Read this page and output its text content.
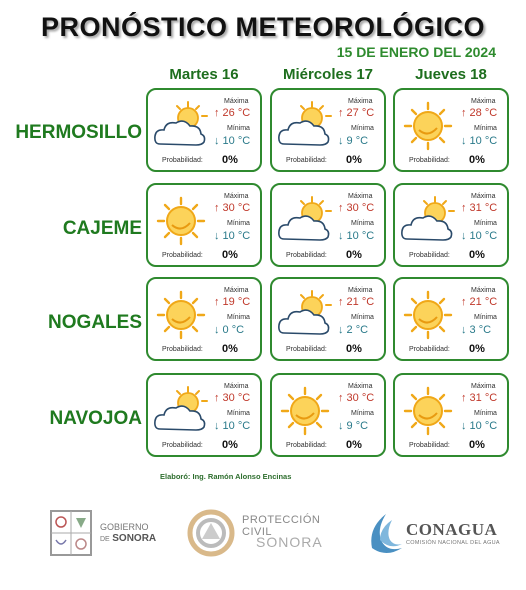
PRONÓSTICO METEOROLÓGICO
15 DE ENERO DEL 2024
Martes 16	Miércoles 17	Jueves 18
HERMOSILLO
Máxima
↑ 26 °C
Mínima
↓ 10 °C
Probabilidad: 0%
Máxima
↑ 27 °C
Mínima
↓ 9 °C
Probabilidad: 0%
Máxima
↑ 28 °C
Mínima
↓ 10 °C
Probabilidad: 0%
CAJEME
Máxima
↑ 30 °C
Mínima
↓ 10 °C
Probabilidad: 0%
Máxima
↑ 30 °C
Mínima
↓ 10 °C
Probabilidad: 0%
Máxima
↑ 31 °C
Mínima
↓ 10 °C
Probabilidad: 0%
NOGALES
Máxima
↑ 19 °C
Mínima
↓ 0 °C
Probabilidad: 0%
Máxima
↑ 21 °C
Mínima
↓ 2 °C
Probabilidad: 0%
Máxima
↑ 21 °C
Mínima
↓ 3 °C
Probabilidad: 0%
NAVOJOA
Máxima
↑ 30 °C
Mínima
↓ 10 °C
Probabilidad: 0%
Máxima
↑ 30 °C
Mínima
↓ 9 °C
Probabilidad: 0%
Máxima
↑ 31 °C
Mínima
↓ 10 °C
Probabilidad: 0%
Elaboró: Ing. Ramón Alonso Encinas
GOBIERNO
DE SONORA
PROTECCIÓN CIVIL
SONORA
CONAGUA
COMISIÓN NACIONAL DEL AGUA
